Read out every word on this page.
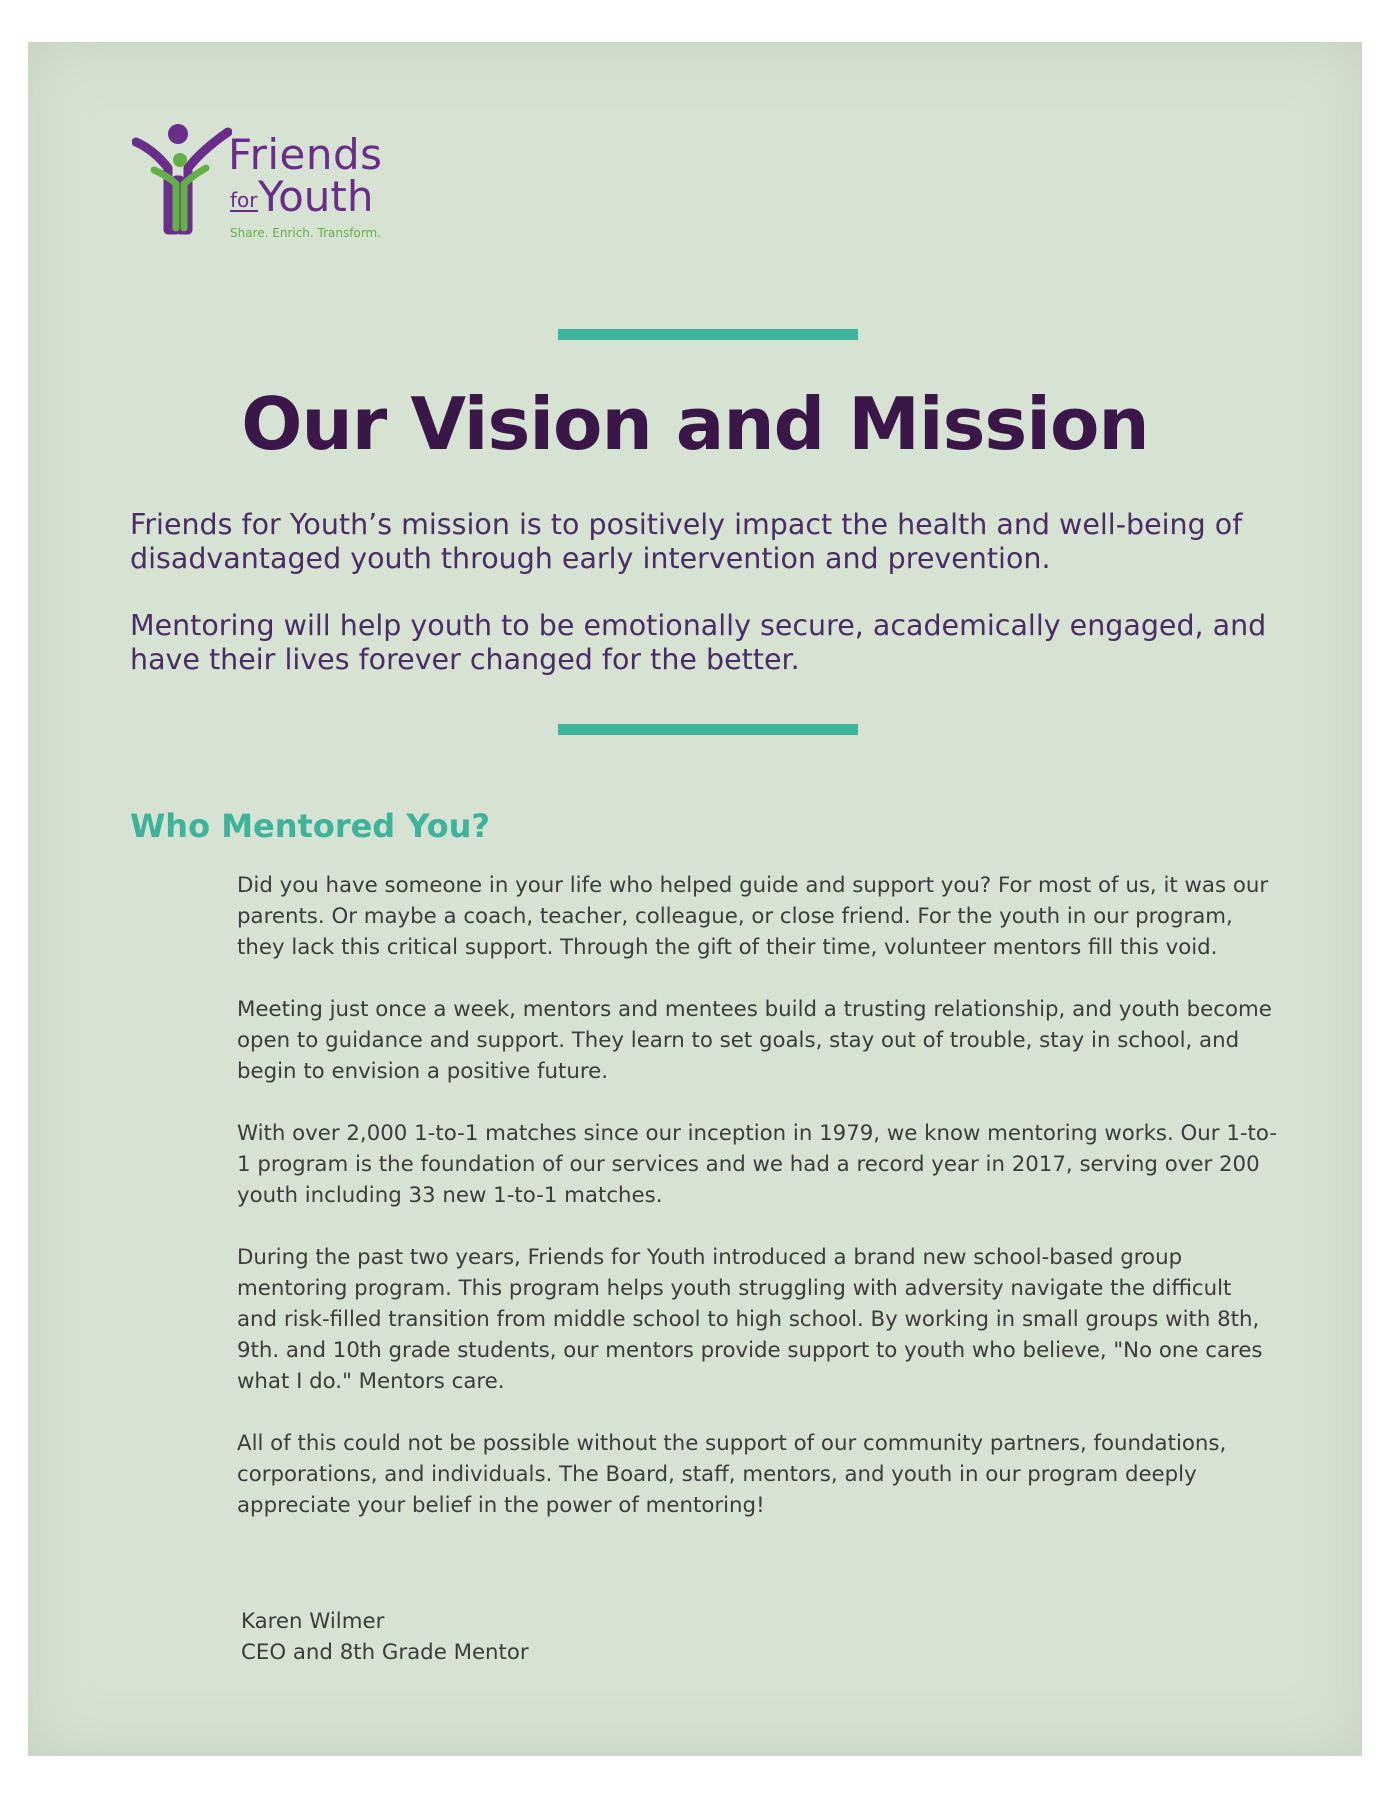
Friends
for Youth
Share. Enrich. Transform.
Our Vision and Mission
Friends for Youth’s mission is to positively impact the health and well-being of disadvantaged youth through early intervention and prevention.
Mentoring will help youth to be emotionally secure, academically engaged, and have their lives forever changed for the better.
Who Mentored You?

Did you have someone in your life who helped guide and support you? For most of us, it was our parents. Or maybe a coach, teacher, colleague, or close friend. For the youth in our program, they lack this critical support. Through the gift of their time, volunteer mentors fill this void.

Meeting just once a week, mentors and mentees build a trusting relationship, and youth become open to guidance and support. They learn to set goals, stay out of trouble, stay in school, and begin to envision a positive future.

With over 2,000 1-to-1 matches since our inception in 1979, we know mentoring works. Our 1-to-1 program is the foundation of our services and we had a record year in 2017, serving over 200 youth including 33 new 1-to-1 matches.

During the past two years, Friends for Youth introduced a brand new school-based group mentoring program. This program helps youth struggling with adversity navigate the difficult and risk-filled transition from middle school to high school. By working in small groups with 8th, 9th. and 10th grade students, our mentors provide support to youth who believe, "No one cares what I do." Mentors care.

All of this could not be possible without the support of our community partners, foundations, corporations, and individuals. The Board, staff, mentors, and youth in our program deeply appreciate your belief in the power of mentoring!

Karen Wilmer
CEO and 8th Grade Mentor
